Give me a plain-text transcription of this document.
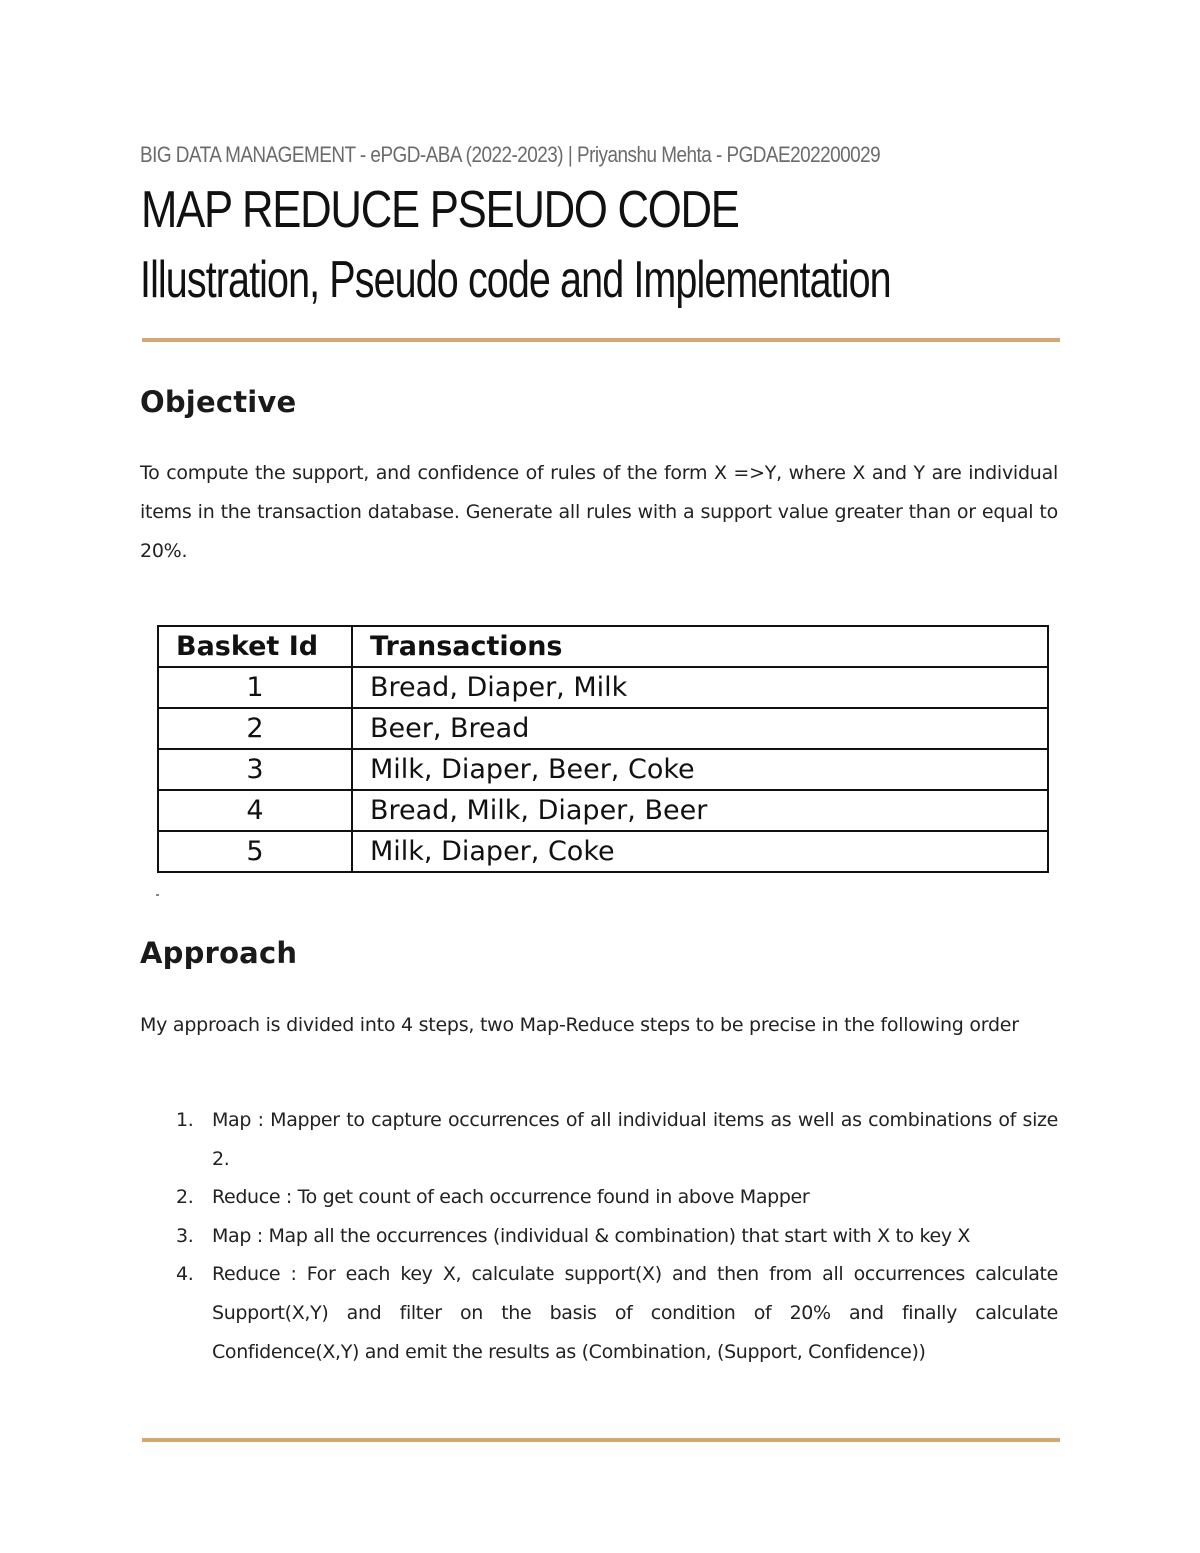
BIG DATA MANAGEMENT - ePGD-ABA (2022-2023) | Priyanshu Mehta - PGDAE202200029
MAP REDUCE PSEUDO CODE
Illustration, Pseudo code and Implementation
Objective
To compute the support, and confidence of rules of the form X =>Y, where X and Y are individual items in the transaction database. Generate all rules with a support value greater than or equal to 20%.
Basket Id	Transactions
1	Bread, Diaper, Milk
2	Beer, Bread
3	Milk, Diaper, Beer, Coke
4	Bread, Milk, Diaper, Beer
5	Milk, Diaper, Coke
Approach
My approach is divided into 4 steps, two Map-Reduce steps to be precise in the following order
1. Map : Mapper to capture occurrences of all individual items as well as combinations of size 2.
2. Reduce : To get count of each occurrence found in above Mapper
3. Map : Map all the occurrences (individual & combination) that start with X to key X
4. Reduce : For each key X, calculate support(X) and then from all occurrences calculate Support(X,Y) and filter on the basis of condition of 20% and finally calculate Confidence(X,Y) and emit the results as (Combination, (Support, Confidence))
